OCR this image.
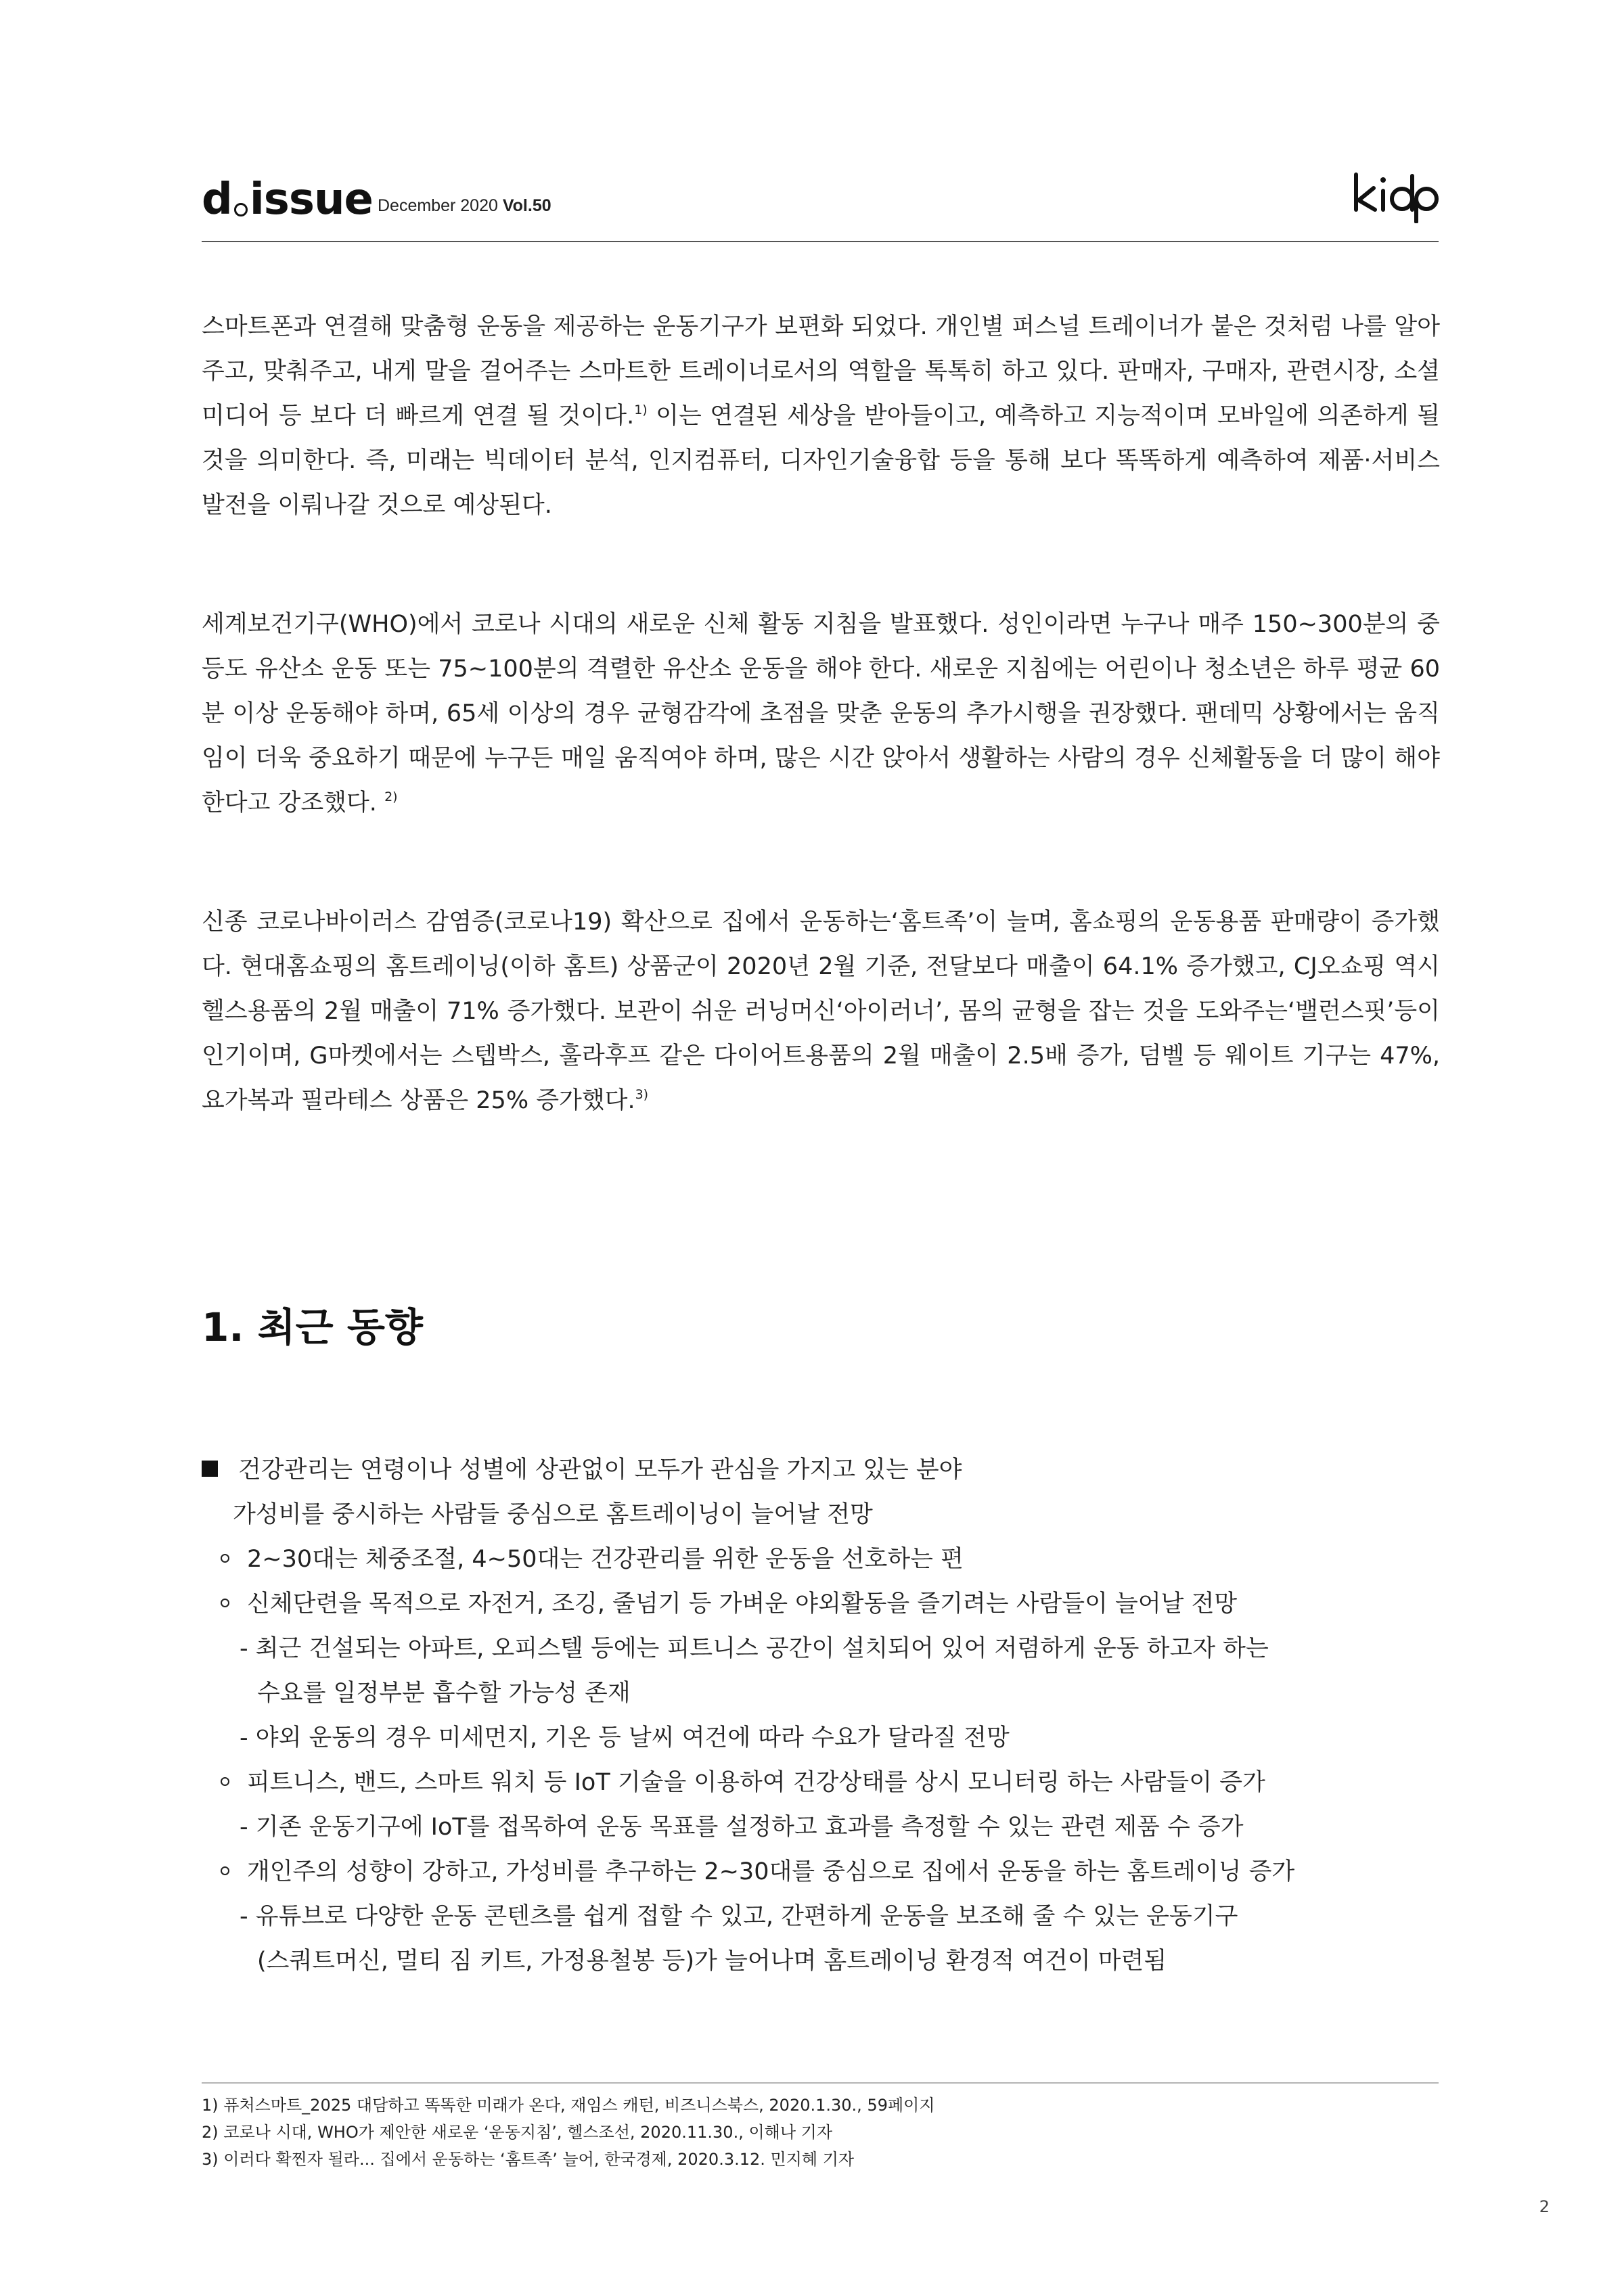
d issue December 2020 Vol.50

스마트폰과 연결해 맞춤형 운동을 제공하는 운동기구가 보편화 되었다. 개인별 퍼스널 트레이너가 붙은 것처럼 나를 알아주고, 맞춰주고, 내게 말을 걸어주는 스마트한 트레이너로서의 역할을 톡톡히 하고 있다. 판매자, 구매자, 관련시장, 소셜미디어 등 보다 더 빠르게 연결 될 것이다.$^{1)}$ 이는 연결된 세상을 받아들이고, 예측하고 지능적이며 모바일에 의존하게 될 것을 의미한다. 즉, 미래는 빅데이터 분석, 인지컴퓨터, 디자인기술융합 등을 통해 보다 똑똑하게 예측하여 제품·서비스 발전을 이뤄나갈 것으로 예상된다.

세계보건기구(WHO)에서 코로나 시대의 새로운 신체 활동 지침을 발표했다. 성인이라면 누구나 매주 150~300분의 중등도 유산소 운동 또는 75~100분의 격렬한 유산소 운동을 해야 한다. 새로운 지침에는 어린이나 청소년은 하루 평균 60분 이상 운동해야 하며, 65세 이상의 경우 균형감각에 초점을 맞춘 운동의 추가시행을 권장했다. 팬데믹 상황에서는 움직임이 더욱 중요하기 때문에 누구든 매일 움직여야 하며, 많은 시간 앉아서 생활하는 사람의 경우 신체활동을 더 많이 해야 한다고 강조했다. $^{2)}$

신종 코로나바이러스 감염증(코로나19) 확산으로 집에서 운동하는‘홈트족’이 늘며, 홈쇼핑의 운동용품 판매량이 증가했다. 현대홈쇼핑의 홈트레이닝(이하 홈트) 상품군이 2020년 2월 기준, 전달보다 매출이 64.1% 증가했고, CJ오쇼핑 역시 헬스용품의 2월 매출이 71% 증가했다. 보관이 쉬운 러닝머신‘아이러너’, 몸의 균형을 잡는 것을 도와주는‘밸런스핏’등이 인기이며, G마켓에서는 스텝박스, 훌라후프 같은 다이어트용품의 2월 매출이 2.5배 증가, 덤벨 등 웨이트 기구는 47%, 요가복과 필라테스 상품은 25% 증가했다.$^{3)}$

1. 최근 동향
건강관리는 연령이나 성별에 상관없이 모두가 관심을 가지고 있는 분야
가성비를 중시하는 사람들 중심으로 홈트레이닝이 늘어날 전망
2~30대는 체중조절, 4~50대는 건강관리를 위한 운동을 선호하는 편
신체단련을 목적으로 자전거, 조깅, 줄넘기 등 가벼운 야외활동을 즐기려는 사람들이 늘어날 전망
- 최근 건설되는 아파트, 오피스텔 등에는 피트니스 공간이 설치되어 있어 저렴하게 운동 하고자 하는
수요를 일정부분 흡수할 가능성 존재
- 야외 운동의 경우 미세먼지, 기온 등 날씨 여건에 따라 수요가 달라질 전망
피트니스, 밴드, 스마트 워치 등 IoT 기술을 이용하여 건강상태를 상시 모니터링 하는 사람들이 증가
- 기존 운동기구에 IoT를 접목하여 운동 목표를 설정하고 효과를 측정할 수 있는 관련 제품 수 증가
개인주의 성향이 강하고, 가성비를 추구하는 2~30대를 중심으로 집에서 운동을 하는 홈트레이닝 증가
- 유튜브로 다양한 운동 콘텐츠를 쉽게 접할 수 있고, 간편하게 운동을 보조해 줄 수 있는 운동기구
(스쿼트머신, 멀티 짐 키트, 가정용철봉 등)가 늘어나며 홈트레이닝 환경적 여건이 마련됨
1) 퓨처스마트_2025 대담하고 똑똑한 미래가 온다, 재임스 캐턴, 비즈니스북스, 2020.1.30., 59페이지
2) 코로나 시대, WHO가 제안한 새로운 ‘운동지침’, 헬스조선, 2020.11.30., 이해나 기자
3) 이러다 확찐자 될라... 집에서 운동하는 ‘홈트족’ 늘어, 한국경제, 2020.3.12. 민지혜 기자
2
